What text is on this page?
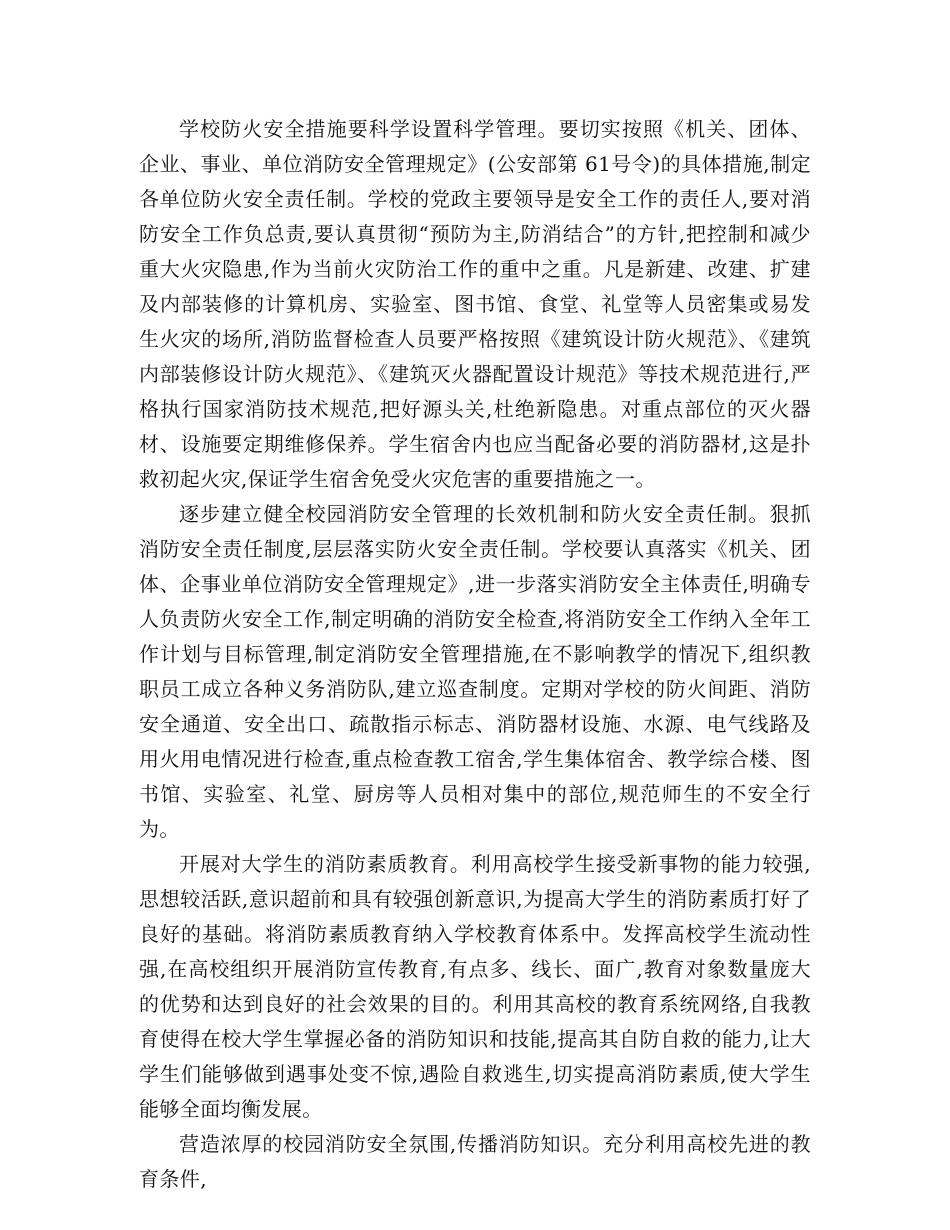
学校防火安全措施要科学设置科学管理。要切实按照《机关、团体、企业、事业、单位消防安全管理规定》(公安部第 61号令)的具体措施,制定各单位防火安全责任制。学校的党政主要领导是安全工作的责任人,要对消防安全工作负总责,要认真贯彻“预防为主,防消结合”的方针,把控制和减少重大火灾隐患,作为当前火灾防治工作的重中之重。凡是新建、改建、扩建及内部装修的计算机房、实验室、图书馆、食堂、礼堂等人员密集或易发生火灾的场所,消防监督检查人员要严格按照《建筑设计防火规范》、《建筑内部装修设计防火规范》、《建筑灭火器配置设计规范》等技术规范进行,严格执行国家消防技术规范,把好源头关,杜绝新隐患。对重点部位的灭火器材、设施要定期维修保养。学生宿舍内也应当配备必要的消防器材,这是扑救初起火灾,保证学生宿舍免受火灾危害的重要措施之一。

逐步建立健全校园消防安全管理的长效机制和防火安全责任制。狠抓消防安全责任制度,层层落实防火安全责任制。学校要认真落实《机关、团体、企事业单位消防安全管理规定》,进一步落实消防安全主体责任,明确专人负责防火安全工作,制定明确的消防安全检查,将消防安全工作纳入全年工作计划与目标管理,制定消防安全管理措施,在不影响教学的情况下,组织教职员工成立各种义务消防队,建立巡查制度。定期对学校的防火间距、消防安全通道、安全出口、疏散指示标志、消防器材设施、水源、电气线路及用火用电情况进行检查,重点检查教工宿舍,学生集体宿舍、教学综合楼、图书馆、实验室、礼堂、厨房等人员相对集中的部位,规范师生的不安全行为。

开展对大学生的消防素质教育。利用高校学生接受新事物的能力较强,思想较活跃,意识超前和具有较强创新意识,为提高大学生的消防素质打好了良好的基础。将消防素质教育纳入学校教育体系中。发挥高校学生流动性强,在高校组织开展消防宣传教育,有点多、线长、面广,教育对象数量庞大的优势和达到良好的社会效果的目的。利用其高校的教育系统网络,自我教育使得在校大学生掌握必备的消防知识和技能,提高其自防自救的能力,让大学生们能够做到遇事处变不惊,遇险自救逃生,切实提高消防素质,使大学生能够全面均衡发展。

营造浓厚的校园消防安全氛围,传播消防知识。充分利用高校先进的教育条件,
